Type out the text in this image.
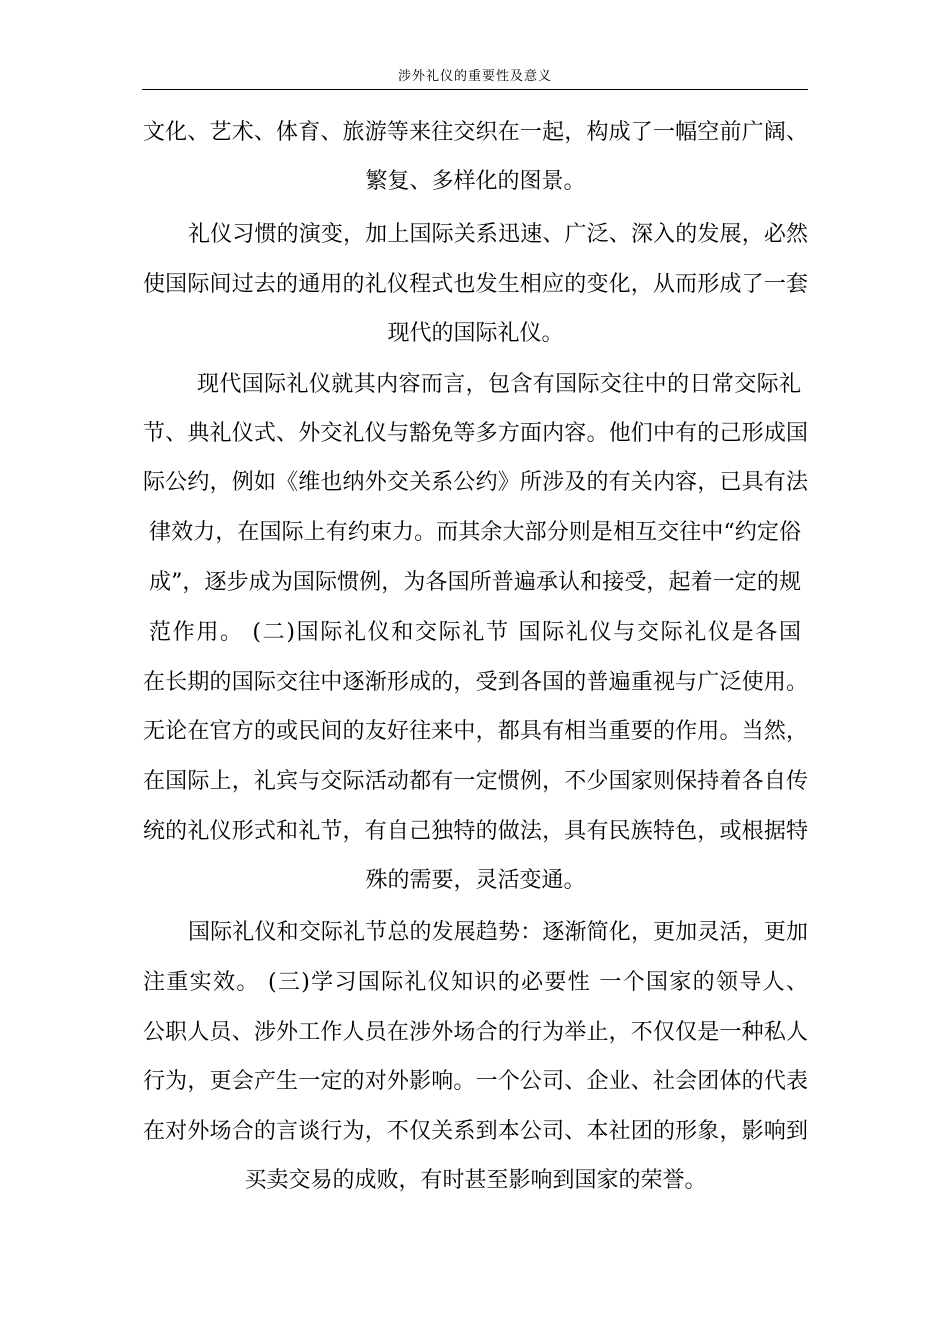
涉外礼仪的重要性及意义
文化、艺术、体育、旅游等来往交织在一起，构成了一幅空前广阔、
繁复、多样化的图景。
礼仪习惯的演变，加上国际关系迅速、广泛、深入的发展，必然
使国际间过去的通用的礼仪程式也发生相应的变化，从而形成了一套
现代的国际礼仪。
现代国际礼仪就其内容而言，包含有国际交往中的日常交际礼
节、典礼仪式、外交礼仪与豁免等多方面内容。他们中有的己形成国
际公约，例如《维也纳外交关系公约》所涉及的有关内容，已具有法
律效力，在国际上有约束力。而其余大部分则是相互交往中“约定俗
成”，逐步成为国际惯例，为各国所普遍承认和接受，起着一定的规
范作用。 (二)国际礼仪和交际礼节 国际礼仪与交际礼仪是各国
在长期的国际交往中逐渐形成的，受到各国的普遍重视与广泛使用。
无论在官方的或民间的友好往来中，都具有相当重要的作用。当然，
在国际上，礼宾与交际活动都有一定惯例，不少国家则保持着各自传
统的礼仪形式和礼节，有自己独特的做法，具有民族特色，或根据特
殊的需要，灵活变通。
国际礼仪和交际礼节总的发展趋势：逐渐简化，更加灵活，更加
注重实效。 (三)学习国际礼仪知识的必要性 一个国家的领导人、
公职人员、涉外工作人员在涉外场合的行为举止，不仅仅是一种私人
行为，更会产生一定的对外影响。一个公司、企业、社会团体的代表
在对外场合的言谈行为，不仅关系到本公司、本社团的形象，影响到
买卖交易的成败，有时甚至影响到国家的荣誉。
